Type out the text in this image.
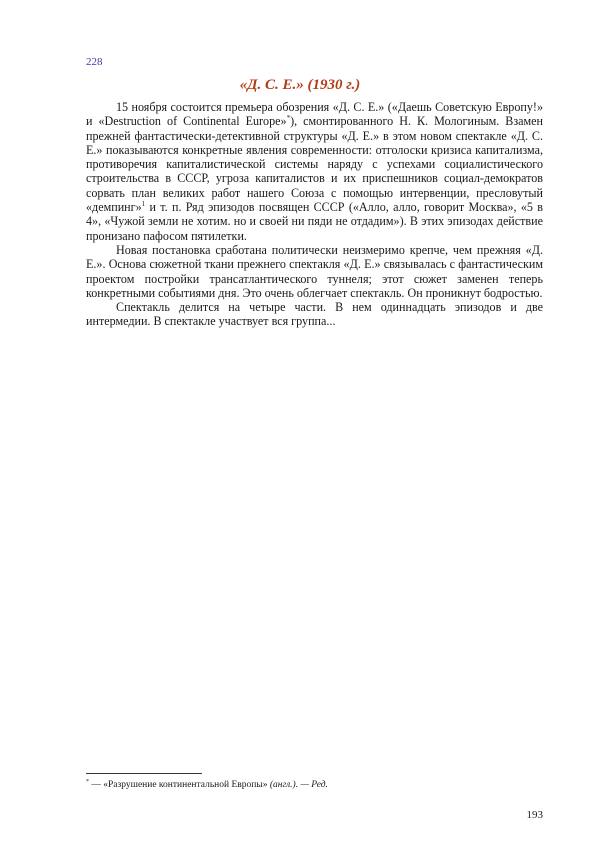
228
«Д. С. Е.» (1930 г.)

15 ноября состоится премьера обозрения «Д. С. Е.» («Даешь Советскую Европу!» и «Destruction of Continental Europe»*), смонтированного Н. К. Мологиным. Взамен прежней фантастически-детективной структуры «Д. Е.» в этом новом спектакле «Д. С. Е.» показываются конкретные явления современности: отголоски кризиса капитализма, противоречия капиталистической системы наряду с успехами социалистического строительства в СССР, угроза капиталистов и их приспешников социал-демократов сорвать план великих работ нашего Союза с помощью интервенции, пресловутый «демпинг»$^1$ и т. п. Ряд эпизодов посвящен СССР («Алло, алло, говорит Москва», «5 в 4», «Чужой земли не хотим. но и своей ни пяди не отдадим»). В этих эпизодах действие пронизано пафосом пятилетки.

Новая постановка сработана политически неизмеримо крепче, чем прежняя «Д. Е.». Основа сюжетной ткани прежнего спектакля «Д. Е.» связывалась с фантастическим проектом постройки трансатлантического туннеля; этот сюжет заменен теперь конкретными событиями дня. Это очень облегчает спектакль. Он проникнут бодростью.

Спектакль делится на четыре части. В нем одиннадцать эпизодов и две интермедии. В спектакле участвует вся группа...

* — «Разрушение континентальной Европы» (англ.). — Ред.
193
